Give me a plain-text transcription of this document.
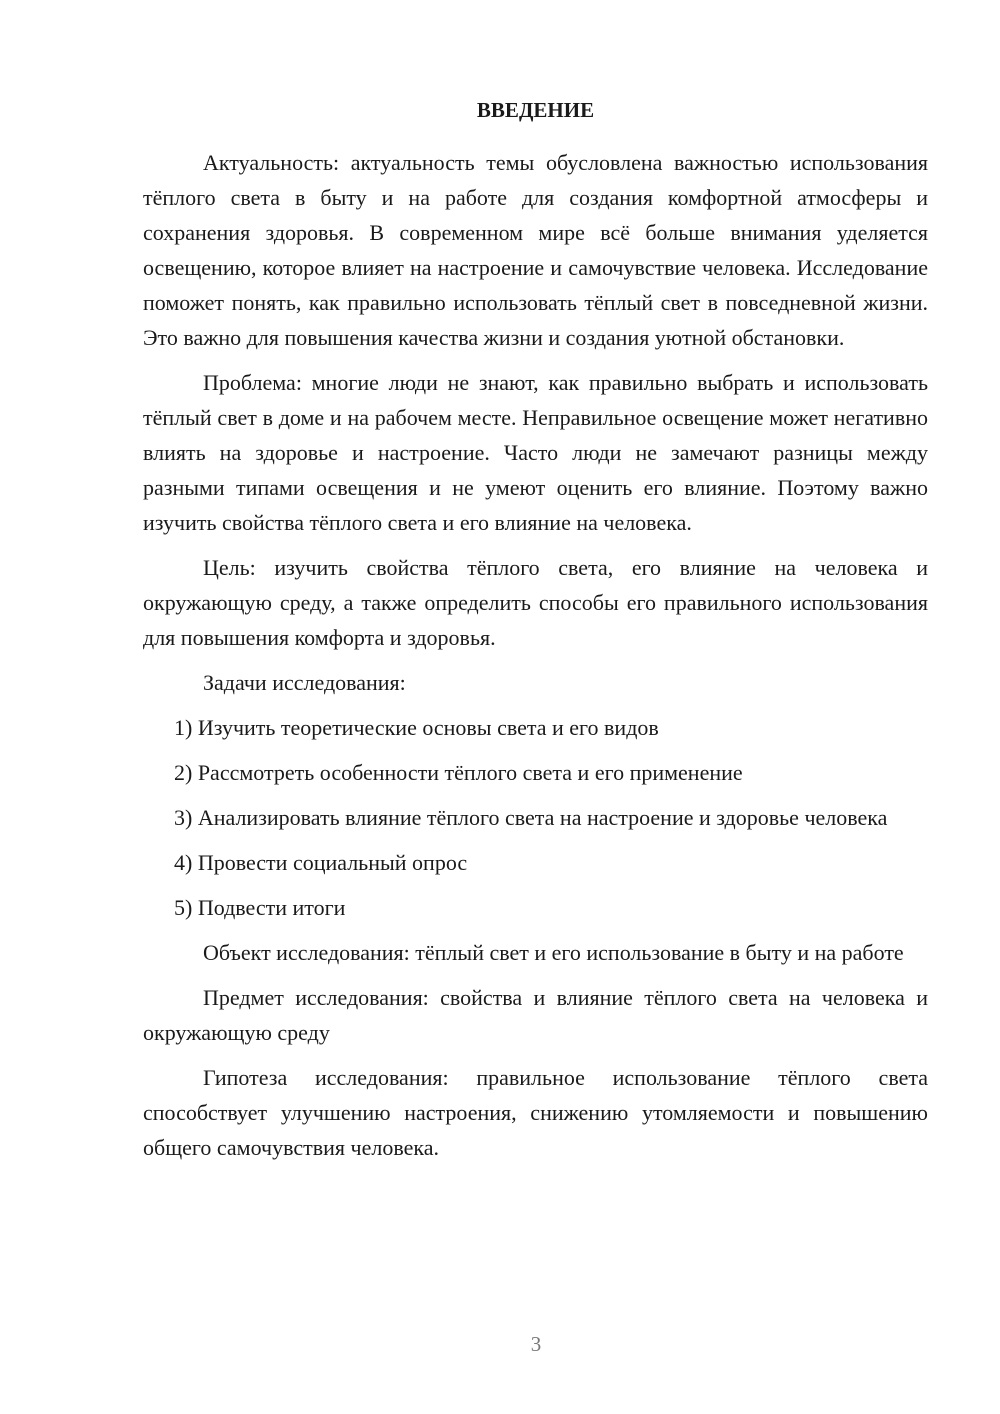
ВВЕДЕНИЕ

Актуальность: актуальность темы обусловлена важностью использования тёплого света в быту и на работе для создания комфортной атмосферы и сохранения здоровья. В современном мире всё больше внимания уделяется освещению, которое влияет на настроение и самочувствие человека. Исследование поможет понять, как правильно использовать тёплый свет в повседневной жизни. Это важно для повышения качества жизни и создания уютной обстановки.

Проблема: многие люди не знают, как правильно выбрать и использовать тёплый свет в доме и на рабочем месте. Неправильное освещение может негативно влиять на здоровье и настроение. Часто люди не замечают разницы между разными типами освещения и не умеют оценить его влияние. Поэтому важно изучить свойства тёплого света и его влияние на человека.

Цель: изучить свойства тёплого света, его влияние на человека и окружающую среду, а также определить способы его правильного использования для повышения комфорта и здоровья.

Задачи исследования:

1) Изучить теоретические основы света и его видов

2) Рассмотреть особенности тёплого света и его применение

3) Анализировать влияние тёплого света на настроение и здоровье человека

4) Провести социальный опрос

5) Подвести итоги

Объект исследования: тёплый свет и его использование в быту и на работе

Предмет исследования: свойства и влияние тёплого света на человека и окружающую среду

Гипотеза исследования: правильное использование тёплого света способствует улучшению настроения, снижению утомляемости и повышению общего самочувствия человека.

3
